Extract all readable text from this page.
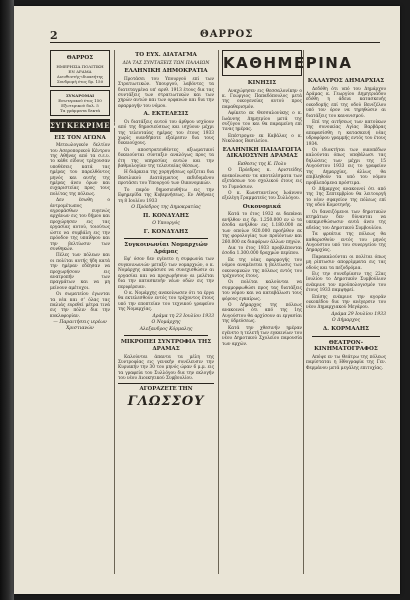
2	ΘΑΡΡΟΣ
ΘΑΡΡΟΣ
ΗΜΕΡΗΣΙΑ ΠΟΛΙΤΙΚΗ
ΕΝ ΔΡΑΜΑ
Διευθυντής-ιδιοκτήτης
Συνδρομή έτος δρ. 150
ΣΥΝΔΡΟΜΑΙ
Εσωτερικού έτος 150
Εξωτερικού δολ. 5
Τα γράμματα δεκτά
ΣΥΓΚΕΚΡΙΜΕΝΑ
ΕΙΣ ΤΟΝ ΑΓΩΝΑ

Μετεωλογικόν δελτίον του Ασεροπορικού Κέντρου της Αθήνας από τα σ.ε.υ. το κάθε είδους τρέχουσαν υποθέσεις κατά τας ημέρας του παρελθόντος μηνός και αυτής της ημέρας άνευ όρων και ευχαριστείας προς τους πολίτας της πόλεως.

Δεν έσωθη ο άντρομέτωπος αγρομάσθων ευγενώς αρχάνων εις του δήμου και προχώρησεν εις τας εργασίας αυτού, τοιούτως ώστε να συμβάλη εις την πρόοδον της υπαίθρου και την βελτίωσιν των συνθηκών.

Πέλες των πόλεων και οι πολίται αυτής ήδη κατά την ημέραν εδέησαν να προχωρήσουν εις ανατροπήν των πραγμάτων και να μη μείνουν αμέτοχοι.

Οι σωματείου έγωνται τα νέα και σ' όλας τας παλιάς ευρεθεί μέτρα τινά εις την πόλιν δια την κυκλοφορίαν.

— Παραιτήσεις ιερέων Χριστιανών
ΤΟ ΕΥΧ. ΔΙΑΤΑΓΜΑ
ΔΙΑ ΤΑΣ ΣΥΝΤΑΞΕΙΣ ΤΩΝ ΠΑΛΑΙΩΝ
ΕΛΛΗΝΙΚΗ ΔΗΜΟΚΡΑΤΙΑ

Προτάσει του Υπουργού επί των Στρατιωτικών. Υπουργού, λαβόντες τα διατεταγμένα υπ' αριθ. 1913 έτους δια τας συντάξεις των στρατιωτικών και των χηρών αυτών και των ορφανών και δια την εφαρμογήν του νόμου.

Α. ΕΚΤΕΛΕΣΙΣ

Οι διατάξεις αυτού του άρθρου ισχύουν από της δημοσιεύσεως και ισχύουν μέχρι της τελευταίας ημέρας του έτους 1933 χωρίς οιανδήποτε εξαίρεσιν δια τους δικαιούχους.

Οι αποστρατευθέντες αξιωματικοί δικαιούνται σύνταξιν αναλόγως προς τα έτη της υπηρεσίας αυτών και την βαθμολογίαν της τελευταίας θέσεως.

Η διάρκεια της χορηγήσεως ορίζεται δια Βασιλικού Διατάγματος εκδιδομένου προτάσει του Υπουργού των Οικονομικών.

Το παρόν δημοσιευθήτω εις την Εφημερίδα της Κυβερνήσεως. Εν Αθήναις τη 8 Ιουλίου 1933

Ο Πρόεδρος της Δημοκρατίας
Π. ΚΟΝΔΥΛΗΣ
Ο Υπουργός
Γ. ΚΟΝΔΥΛΗΣ
Συγκοινωνίαι Νομαρχιών Δράμας

Εφ' όσον δεν εγένετο η συμφωνία των συγκοινωνιών μεταξύ των νομαρχιών, ο κ. Νομάρχης απεφάσισε να συνεχισθώσιν αι εργασίαι και να προχωρήσουν αι μελέται δια την κατασκευήν νέων οδών εις την περιφέρειαν.

Ο κ. Νομάρχης ανεκοίνωσεν ότι τα έργα θα εκτελεσθούν εντός του τρέχοντος έτους υπό την εποπτείαν του τεχνικού γραφείου της Νομαρχίας.

Δράμα τη 23 Ιουλίου 1933
Ο Νομάρχης
Αλεξανδρος Κόρμαλης
ΜΙΚΡΟΠΕΙ ΣΥΝΤΡΟΦΙΑ ΤΗΣ ΔΡΑΜΑΣ

Καλούνται άπαντα τα μέλη της Συντροφίας εις γενικήν συνέλευσιν την Κυριακήν την 30 του μηνός ώραν 6 μ.μ. εις τα γραφεία του Συλλόγου δια την εκλογήν του νέου Διοικητικού Συμβουλίου.

ΑΓΟΡΑΖΕΤΕ ΤΗΝ
ΓΛΩΣΣΟΥ
ΚΑΘΗΜΕΡΙΝΑ
ΚΙΝΗΣΙΣ

Αναχώρησεν εις Θεσσαλονίκην ο κ. Γεώργιος Παπαδόπουλος μετά της οικογενείας αυτού προς παραθερισμόν.

Αφίκετο εκ Θεσσαλονίκης ο κ. Ιωάννης Δημητρίου μετά της συζύγου του και θα παραμείνη επί τινας ημέρας.

Επέστρεψεν εκ Καβάλας ο κ. Νικόλαος Βασιλείου.

ΕΛΛΗΝΙΚΗ ΠΑΙΔΑΓΩΓΙΑ ΔΙΚΑΙΟΣΥΝΗ ΔΡΑΜΑΣ
Εκθεσις της Κ. Πολυ

Ο Πρόεδρος κ. Αριστείδης ανεκοίνωσεν τα αποτελέσματα των εξετάσεων του σχολικού έτους εις το Γυμνάσιον.

Ο κ. Κωνσταντίνος Ιωάννου εξελέγη Γραμματεύς του Συλλόγου.

Οικονομικά

Κατά το έτος 1932 αι δαπάναι ανήλθον εις δρ. 1.250.000 εν ώ τα έσοδα ανήλθον εις 1.180.000 εκ των οποίων 920.000 προήλθον εκ της φορολογίας των προϊόντων και 260.000 εκ διαφόρων άλλων πηγών.

Δια το έτος 1933 προβλέπονται έσοδα 1.300.000 δραχμών περίπου.

Εκ της νέας εφαρμογής του νόμου αναμένεται η βελτίωσις των οικονομικών της πόλεως εντός του τρέχοντος έτους.

Οι πολίται καλούνται να συμμορφωθώσι προς τας διατάξεις του νόμου και να καταβάλωσι τους φόρους εγκαίρως.

Ο Δήμαρχος της πόλεως ανακοινοί ότι από της 1ης Αυγούστου θα αρχίσουν αι εργασίαι της ύδρεύσεως.

Κατά την χθεσινήν ημέραν εγένετο η τελετή των εγκαινίων του νέου Δημοτικού Σχολείου παρουσία των αρχών.

ΚΑΛΑΥΡΟΣ ΔΗΜΑΡΧΙΑΣ

Δεδόθη ότι υπό του Δημάρχου Δράμας κ. Γεωργίου Δημητριάδου εδόθη η άδεια κατασκευής οικοδομής επί της οδού Βενιζέλου υπό τον όρον να τηρηθώσιν αι διατάξεις του κανονισμού.

Επί της αιτήσεως των κατοίκων της συνοικίας Αγίας Βαρβάρας απεφασίσθη η κατασκευή νέας υδροφόρου γραμμής εντός του έτους 1934.

Οι ιδιοκτήται των οικοπέδων καλούνται όπως υποβάλωσι τας δηλώσεις των μέχρι της 15 Αυγούστου 1933 εις το γραφείον της Δημαρχίας, άλλως θα επιβληθούν τα υπό του νόμου προβλεπόμενα πρόστιμα.

Ο Δήμαρχος ανακοινοί ότι από της 1ης Σεπτεμβρίου θα λειτουργή το νέον σφαγείον της πόλεως επί της οδού Κομοτηνής.

Οι δανειζόμενοι των δημοτικών κτημάτων δεν δύνανται να υπεκμισθώσωσιν αυτά άνευ της αδείας του Δημοτικού Συμβουλίου.

Τα φρεάτια της πόλεως θα καθαρισθούν εντός του μηνός Αυγούστου υπό του συνεργείου της Δημαρχίας.

Παρακαλούνται οι πολίται όπως μη ρίπτωσιν απορρίμματα εις τας οδούς και τα πεζοδρόμια.

Εις την συνεδρίασιν της 22ας Ιουλίου το Δημοτικόν Συμβούλιον ενέκρινε τον προϋπολογισμόν του έτους 1933 παμψηφεί.

Επίσης ενέκρινε την αγοράν οικοπέδου δια την ανέγερσιν του νέου Δημαρχιακού Μεγάρου.

Δράμα 29 Ιουλίου 1933
Ο Δήμαρχος
Δ. ΚΟΡΜΑΛΗΣ
ΘΕΑΤΡΟΝ-ΚΙΝΗΜΑΤΟΓΡΑΦΟΣ

Απόψε εν τω Θεάτρω της πόλεως παρίσταται η Ηθογραφία της Γεν. Φερμάνου μετά μεγάλης επιτυχίας.
